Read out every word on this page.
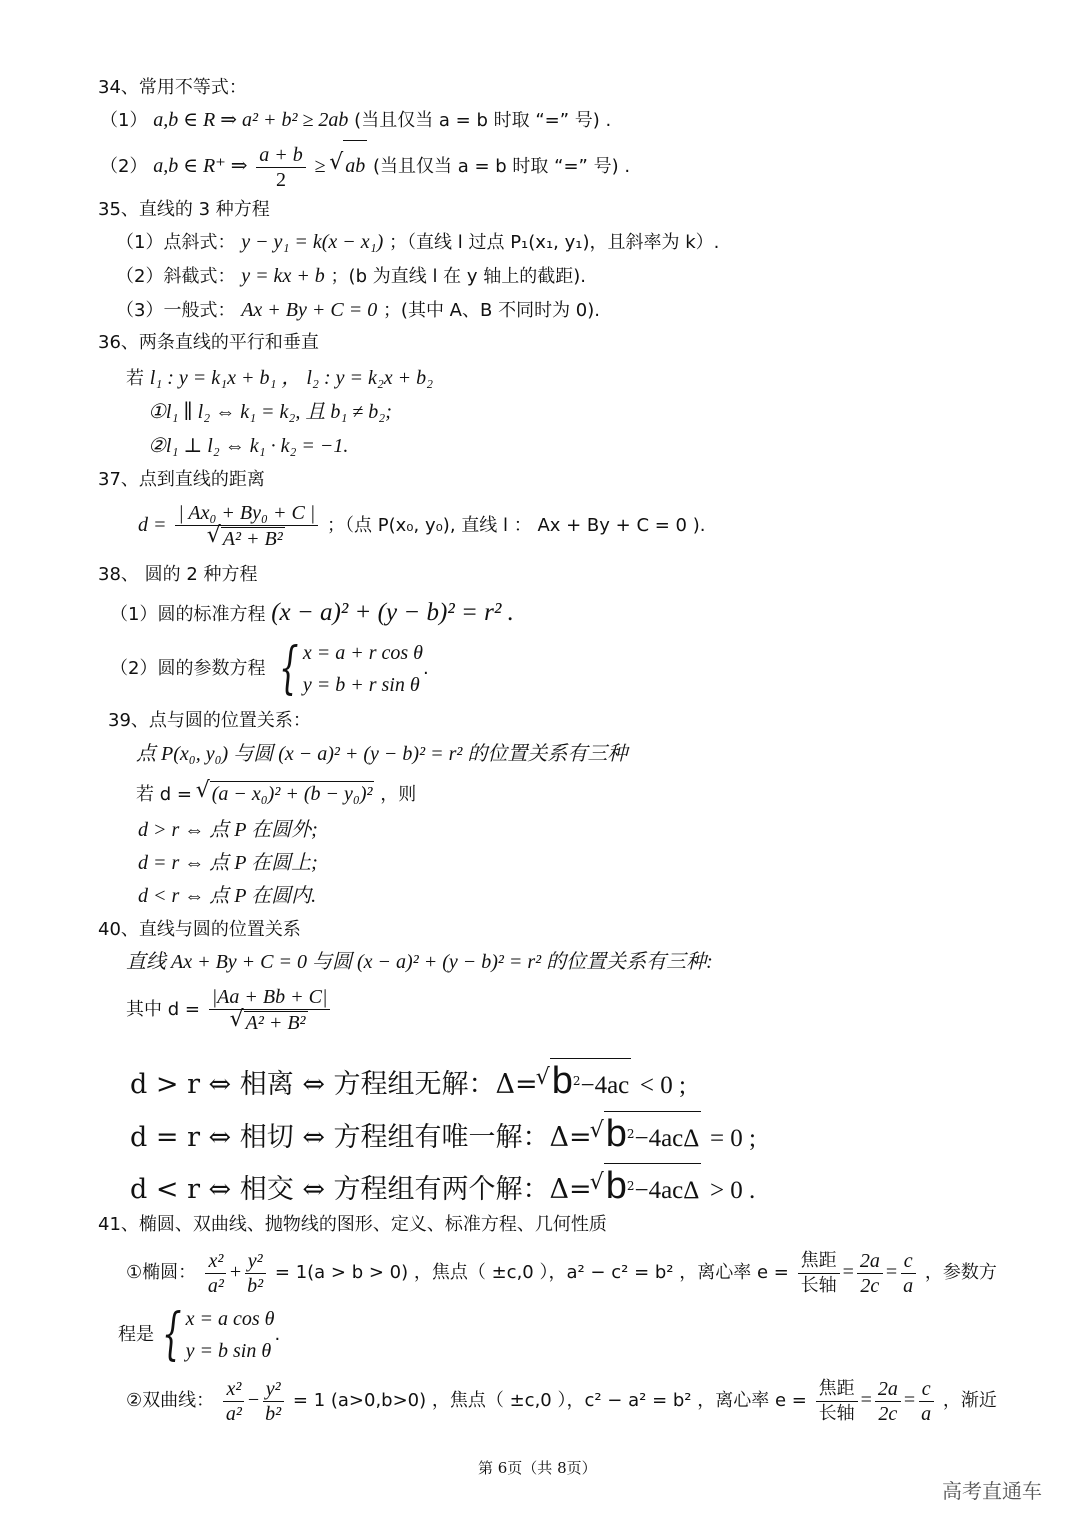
34、常用不等式：
（1） a,b ∈ R ⇒ a² + b² ≥ 2ab (当且仅当 a = b 时取 “=” 号) .
（2） a,b ∈ R⁺ ⇒ $\frac{a + b}{2}$ ≥ √ ab (当且仅当 a = b 时取 “=” 号) .
35、直线的 3 种方程
（1）点斜式： y − y₁ = k(x − x₁) ；（直线 l 过点 P₁(x₁, y₁)，且斜率为 k）.
（2）斜截式： y = kx + b ；(b 为直线 l 在 y 轴上的截距).
（3）一般式： Ax + By + C = 0 ；(其中 A、B 不同时为 0).
36、两条直线的平行和垂直
若 l₁ : y = k₁x + b₁ ， l₂ : y = k₂x + b₂
①l₁ ∥ l₂ ⇔ k₁ = k₂, 且 b₁ ≠ b₂;
②l₁ ⊥ l₂ ⇔ k₁ · k₂ = −1.
37、点到直线的距离
d = | Ax₀ + By₀ + C |
√ A² + B² ；（点 P(x₀, y₀), 直线 l ： Ax + By + C = 0 ).
38、 圆的 2 种方程
（1）圆的标准方程 (x − a)² + (y − b)² = r² .
（2）圆的参数方程 { x = a + r cos θ
y = b + r sin θ
.
39、点与圆的位置关系：
点 P(x₀, y₀) 与圆 (x − a)² + (y − b)² = r² 的位置关系有三种
若 d = √ (a − x₀)² + (b − y₀)² ，则
d > r ⇔ 点 P 在圆外;
d = r ⇔ 点 P 在圆上;
d < r ⇔ 点 P 在圆内.
40、直线与圆的位置关系
直线 Ax + By + C = 0 与圆 (x − a)² + (y − b)² = r² 的位置关系有三种:
其中 d = |Aa + Bb + C|
√ A² + B²
d > r ⇔ 相离 ⇔ 方程组无解：Δ= √ $b^2-4ac < 0$ ;
d = r ⇔ 相切 ⇔ 方程组有唯一解：Δ= √ $b^2-4ac\Delta = 0$ ;
d < r ⇔ 相交 ⇔ 方程组有两个解：Δ= √ $b^2-4ac\Delta > 0$ .
41、椭圆、双曲线、抛物线的图形、定义、标准方程、几何性质
①椭圆： $\frac{\text{x²}}{\text{a²}} + \frac{\text{y²}}{\text{b²}} = 1(a > b > 0)$ ，焦点（ ±c,0 ），a² − c² = b² ，离心率 $e = \frac{\text{焦距}}{\text{长轴}} = \frac{2a}{2c} = \frac{c}{a}$ ，参数方
程是 { x = a cos θ
y = b sin θ
.
②双曲线： $\frac{\text{x²}}{\text{a²}} - \frac{\text{y²}}{\text{b²}} = 1$ (a>0,b>0) ，焦点（ ±c,0 ），c² − a² = b² ，离心率 $e = \frac{\text{焦距}}{\text{长轴}} = \frac{2a}{2c} = \frac{c}{a}$ ，渐近
第 6页（共 8页）
高考直通车
